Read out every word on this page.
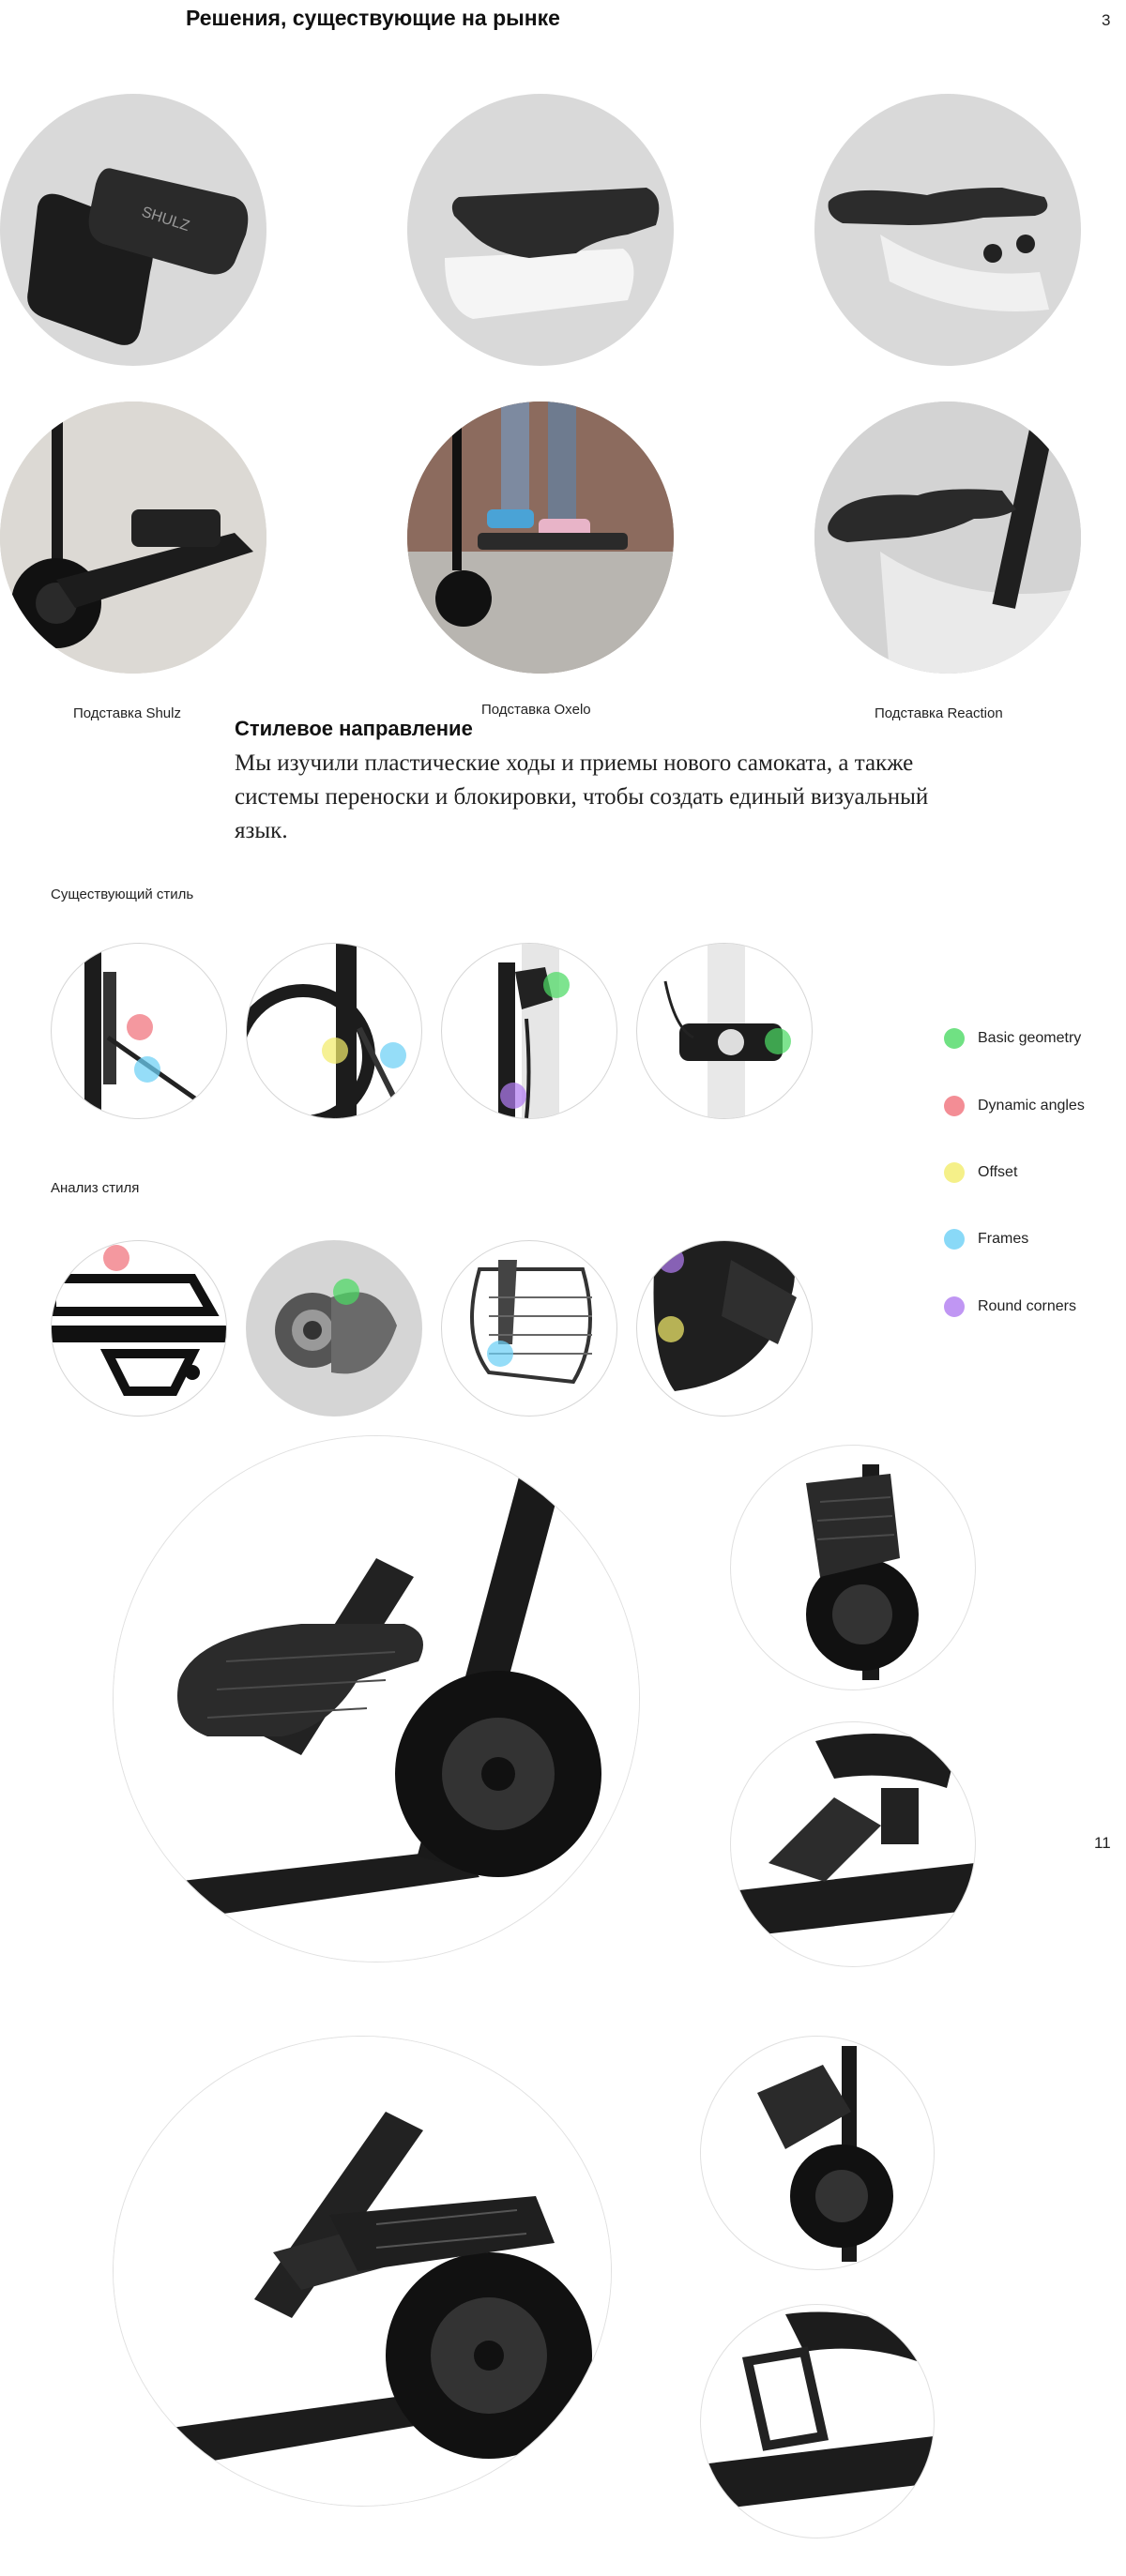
Решения, существующие на рынке	3
SHULZ
Подставка Shulz	Подставка Oxelo	Подставка Reaction
Стилевое направление
Мы изучили пластические ходы и приемы нового самоката, а также системы переноски и блокировки, чтобы создать единый визуальный язык.
Существующий стиль
Basic geometry
Dynamic angles
Offset
Frames
Round corners
Анализ стиля
11
